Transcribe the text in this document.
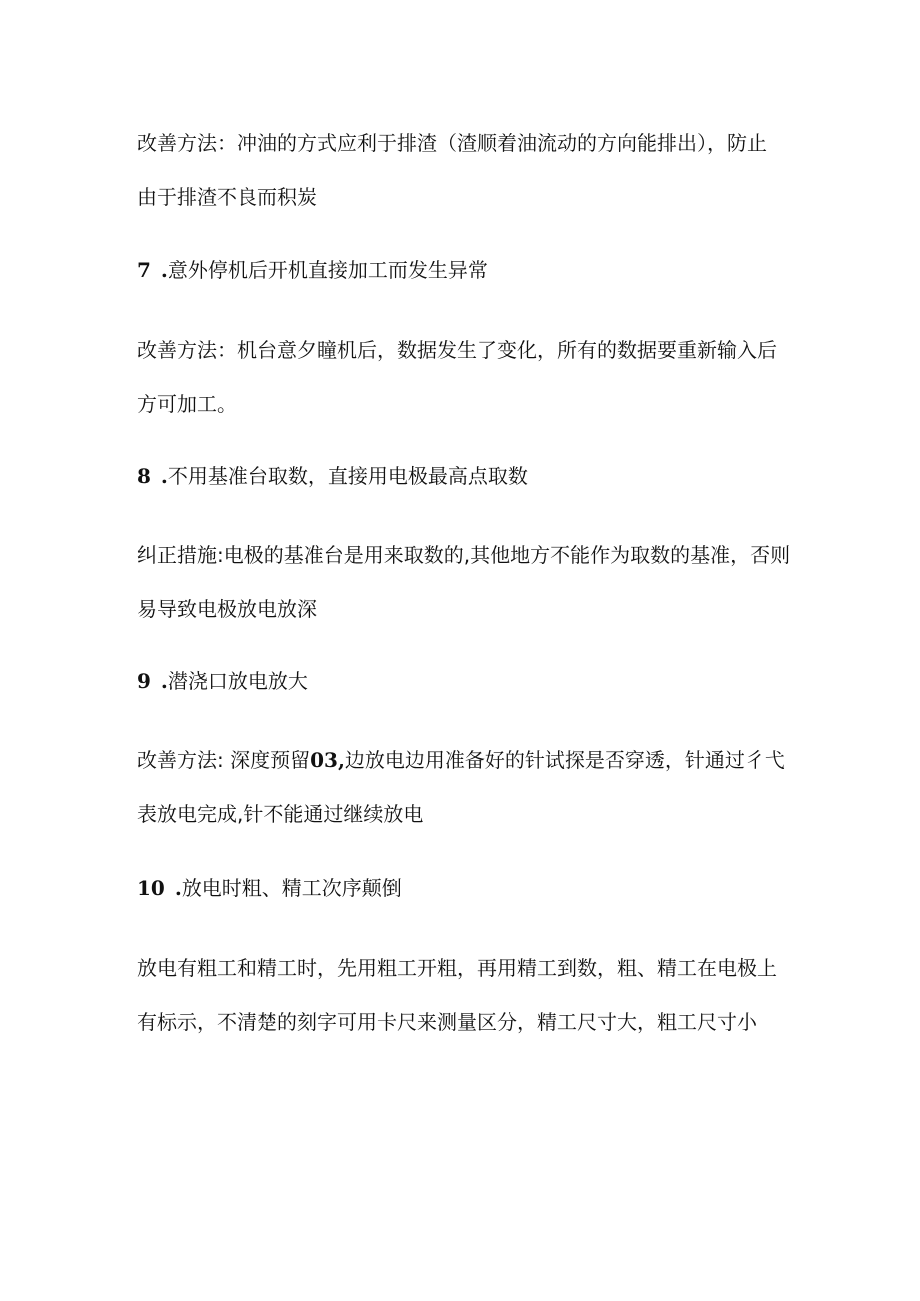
改善方法：冲油的方式应利于排渣（渣顺着油流动的方向能排出），防止
由于排渣不良而积炭

7 .意外停机后开机直接加工而发生异常

改善方法：机台意夕瞳机后，数据发生了变化，所有的数据要重新输入后
方可加工。

8 .不用基准台取数，直接用电极最高点取数

纠正措施:电极的基准台是用来取数的,其他地方不能作为取数的基准，否则
易导致电极放电放深

9 .潜浇口放电放大

改善方法: 深度预留03,边放电边用准备好的针试探是否穿透，针通过彳弋
表放电完成,针不能通过继续放电

10 .放电时粗、精工次序颠倒

放电有粗工和精工时，先用粗工开粗，再用精工到数，粗、精工在电极上
有标示，不清楚的刻字可用卡尺来测量区分，精工尺寸大，粗工尺寸小
